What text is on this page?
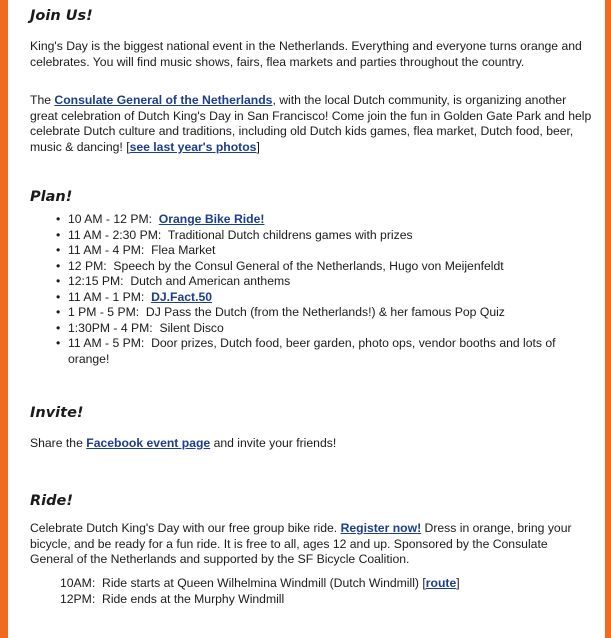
Join Us!

King's Day is the biggest national event in the Netherlands. Everything and everyone turns orange and celebrates. You will find music shows, fairs, flea markets and parties throughout the country.

The Consulate General of the Netherlands, with the local Dutch community, is organizing another great celebration of Dutch King's Day in San Francisco! Come join the fun in Golden Gate Park and help celebrate Dutch culture and traditions, including old Dutch kids games, flea market, Dutch food, beer, music & dancing! [see last year's photos]

Plan!
• 10 AM - 12 PM: Orange Bike Ride!
• 11 AM - 2:30 PM: Traditional Dutch childrens games with prizes
• 11 AM - 4 PM: Flea Market
• 12 PM: Speech by the Consul General of the Netherlands, Hugo von Meijenfeldt
• 12:15 PM: Dutch and American anthems
• 11 AM - 1 PM: DJ.Fact.50
• 1 PM - 5 PM: DJ Pass the Dutch (from the Netherlands!) & her famous Pop Quiz
• 1:30PM - 4 PM: Silent Disco
• 11 AM - 5 PM: Door prizes, Dutch food, beer garden, photo ops, vendor booths and lots of orange!
Invite!

Share the Facebook event page and invite your friends!

Ride!

Celebrate Dutch King's Day with our free group bike ride. Register now! Dress in orange, bring your bicycle, and be ready for a fun ride. It is free to all, ages 12 and up. Sponsored by the Consulate General of the Netherlands and supported by the SF Bicycle Coalition.

10AM: Ride starts at Queen Wilhelmina Windmill (Dutch Windmill) [route]
12PM: Ride ends at the Murphy Windmill
